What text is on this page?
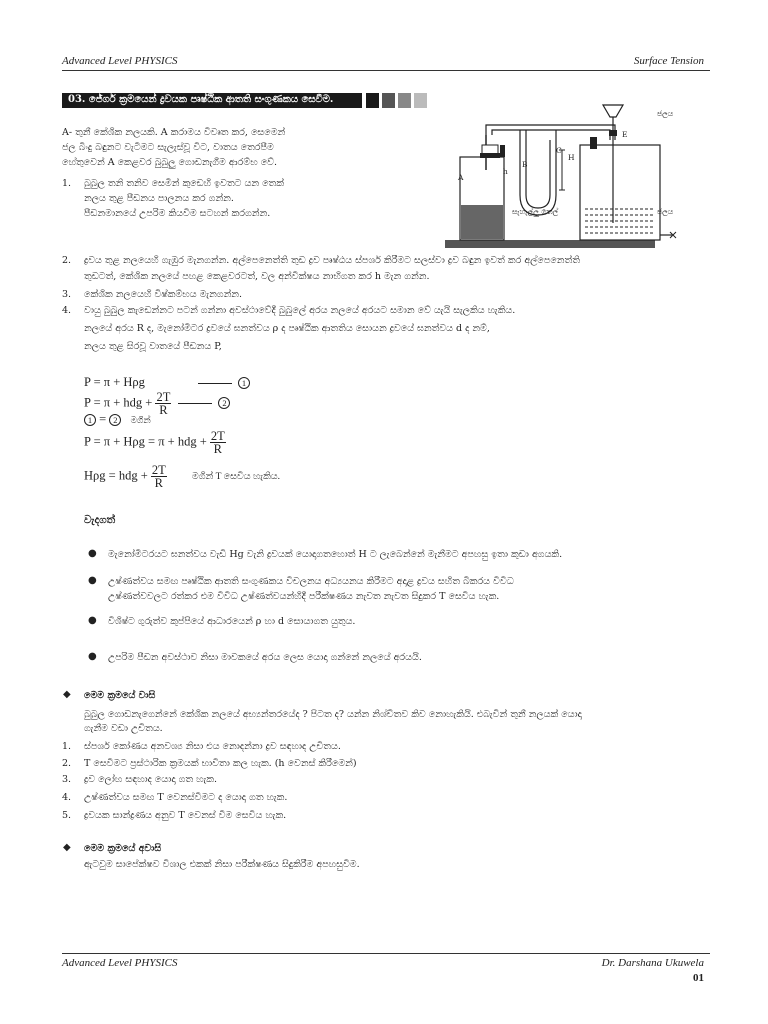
Advanced Level PHYSICS	Surface Tension
03. ජේගර් ක්‍රමයෙන් ද්‍රවයක පෘෂ්ඨික ආතති සංගුණකය සෙවීම.
A- තුනී කේශික නලයකි. A කරාමය විවෘත කර, සෙමෙන්
ජල බිංදු බඳුනට වැටීමට සැලැස්වූ විට, වාතය තෙරපීම
හේතුවෙන් A කෙළවර බුබුලු ගොඩනැගීම ආරම්භ වේ.
1. බුබුල තනි තනිව සෙමින් කුඩෙහි ඉවතට යන තෙක්
නලය තුළ පීඩනය පාලනය කර ගන්න.
පීඩනමානයේ උපරිම කියවීම සටහන් කරගන්න.
ජලය
ජලය
සැහැල්ලු තෙල්
A
B
C
H
h
E
2. ද්‍රවය තුළ නලයෙහි ගැඹුර මැනගන්න. අල්පෙනෙත්ති තුඩ ද්‍රව පෘෂ්ඨය ස්පර්ශ කිරීමට සලස්වා ද්‍රව බඳුන ඉවත් කර අල්පෙනෙත්ති
තුඩටත්, කේශික නලයේ පහළ කෙළවරටත්, වල අන්වීක්ෂය නාභිගත කර h මැන ගන්න.
3. කේශික නලයෙහි විෂ්කම්භය මැනගන්න.
4. වායු බුබුල කැඩෙන්නට පටන් ගන්නා අවස්ථාවේදී බුබුලේ අරය නලයේ අරයට සමාන වේ යැයි සැලකිය හැකිය.
නලයේ අරය R ද, මැනෝමීටර ද්‍රවයේ ඝනත්වය ρ ද පෘෂ්ඨික ආතතිය සොයන ද්‍රවයේ ඝනත්වය d ද නම්,
නලය තුළ සිරවූ වාතයේ පීඩනය P,
P = π + Hρg	1
P = π + hdg + $\frac{2T}{R}$	2
1 = 2 මගින්
P = π + Hρg = π + hdg + $\frac{2T}{R}$
Hρg = hdg + $\frac{2T}{R}$	මගින් T සෙවිය හැකිය.
වැදගත්
● මැනෝමීටරයට ඝනත්වය වැඩි Hg වැනි ද්‍රවයක් යොදාගතහොත් H ට ලැබෙන්නේ මැනීමට අපහසු ඉතා කුඩා අගයකි.
● උෂ්ණත්වය සමඟ පෘෂ්ඨික ආතති සංගුණකය විචලනය අධ්‍යයනය කිරීමට අදාළ ද්‍රවය සහිත බීකරය විවිධ
උෂ්ණත්වවලට රත්කර එම විවිධ උෂ්ණත්වයන්හිදී පරීක්ෂණය නැවත නැවත සිදුකර T සෙවිය හැක.
● විශිෂ්ට ගුරුත්ව කුප්පියේ ආධාරයෙන් ρ හා d සොයාගත යුතුය.
● උපරිම පීඩන අවස්ථාව නිසා මාවකයේ අරය ලෙස යොදා ගන්නේ නලයේ අරයයි.
◆ මෙම ක්‍රමයේ වාසි
බුබුල ගොඩනැගෙන්නේ කේශික නලයේ අභ්‍යන්තරයේද ? පිටත ද? යන්න නිශ්චිතව කිව නොහැකියි. එබැවින් තුනී නලයක් යොදා
ගැනීම වඩා උචිතය.
1. ස්පර්ශ කෝණය අනවශ්‍ය නිසා එය නොදන්නා ද්‍රව සඳහාද උචිතය.
2. T සෙවීමට ප්‍රස්ථාරික ක්‍රමයක් භාවිතා කල හැක. (h වෙනස් කිරීමෙන්)
3. ද්‍රව ලෝහ සඳහාද යොදා ගත හැක.
4. උෂ්ණත්වය සමඟ T වෙනස්වීමට ද යොදා ගත හැක.
5. ද්‍රවයක සාන්ද්‍රණය අනුව T වෙනස් වීම සෙවිය හැක.
◆ මෙම ක්‍රමයේ අවාසි
ඇටවුම සාපේක්ෂව විශාල එකක් නිසා පරීක්ෂණය සිදුකිරීම අපහසුවීම.
Advanced Level PHYSICS	Dr. Darshana Ukuwela
01
